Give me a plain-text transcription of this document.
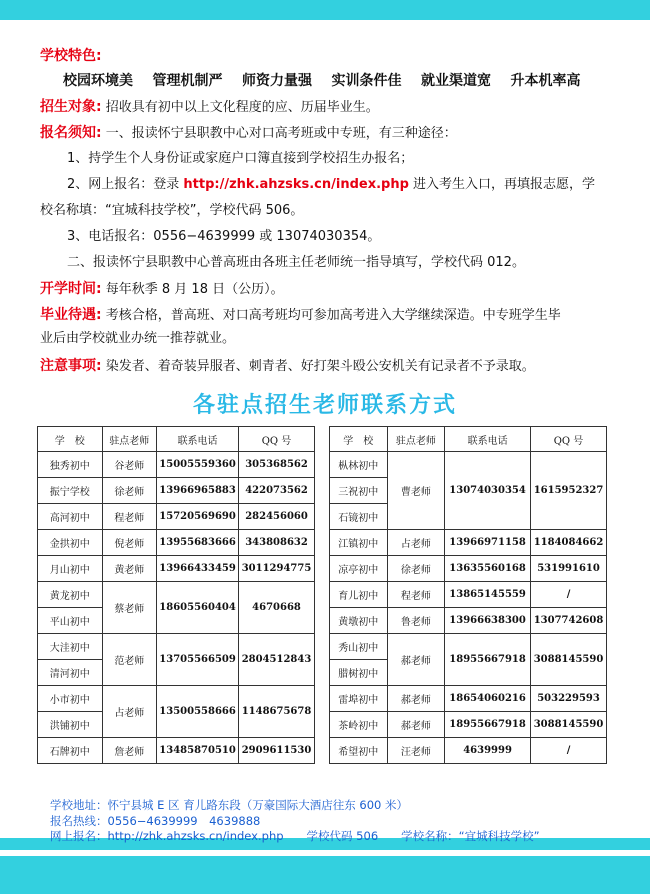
学校特色:
校园环境美 管理机制严 师资力量强 实训条件佳 就业渠道宽 升本机率高
招生对象: 招收具有初中以上文化程度的应、历届毕业生。
报名须知: 一、报读怀宁县职教中心对口高考班或中专班，有三种途径：
1、持学生个人身份证或家庭户口簿直接到学校招生办报名；
2、网上报名：登录 http://zhk.ahzsks.cn/index.php 进入考生入口，再填报志愿，学
校名称填：“宜城科技学校”，学校代码 506。
3、电话报名：0556−4639999 或 13074030354。
二、报读怀宁县职教中心普高班由各班主任老师统一指导填写，学校代码 012。
开学时间: 每年秋季 8 月 18 日（公历）。
毕业待遇: 考核合格，普高班、对口高考班均可参加高考进入大学继续深造。中专班学生毕
业后由学校就业办统一推荐就业。
注意事项: 染发者、着奇装异服者、刺青者、好打架斗殴公安机关有记录者不予录取。
各驻点招生老师联系方式
学　校	驻点老师	联系电话	QQ 号
独秀初中	谷老师	15005559360	305368562
振宁学校	徐老师	13966965883	422073562
高河初中	程老师	15720569690	282456060
金拱初中	倪老师	13955683666	343808632
月山初中	黄老师	13966433459	3011294775
黄龙初中	蔡老师	18605560404	4670668
平山初中			
大洼初中	范老师	13705566509	2804512843
清河初中			
小市初中	占老师	13500558666	1148675678
洪铺初中			
石牌初中	詹老师	13485870510	2909611530
学　校	驻点老师	联系电话	QQ 号
枞林初中	曹老师	13074030354	1615952327
三祝初中			
石镜初中			
江镇初中	占老师	13966971158	1184084662
凉亭初中	徐老师	13635560168	531991610
育儿初中	程老师	13865145559	/
黄墩初中	鲁老师	13966638300	1307742608
秀山初中	郝老师	18955667918	3088145590
腊树初中			
雷埠初中	郝老师	18654060216	503229593
茶岭初中	郝老师	18955667918	3088145590
希望初中	汪老师	4639999	/
学校地址：怀宁县城 E 区 育儿路东段（万豪国际大酒店往东 600 米）
报名热线：0556−4639999　4639888
网上报名：http://zhk.ahzsks.cn/index.php　　学校代码 506　　学校名称：“宜城科技学校”
